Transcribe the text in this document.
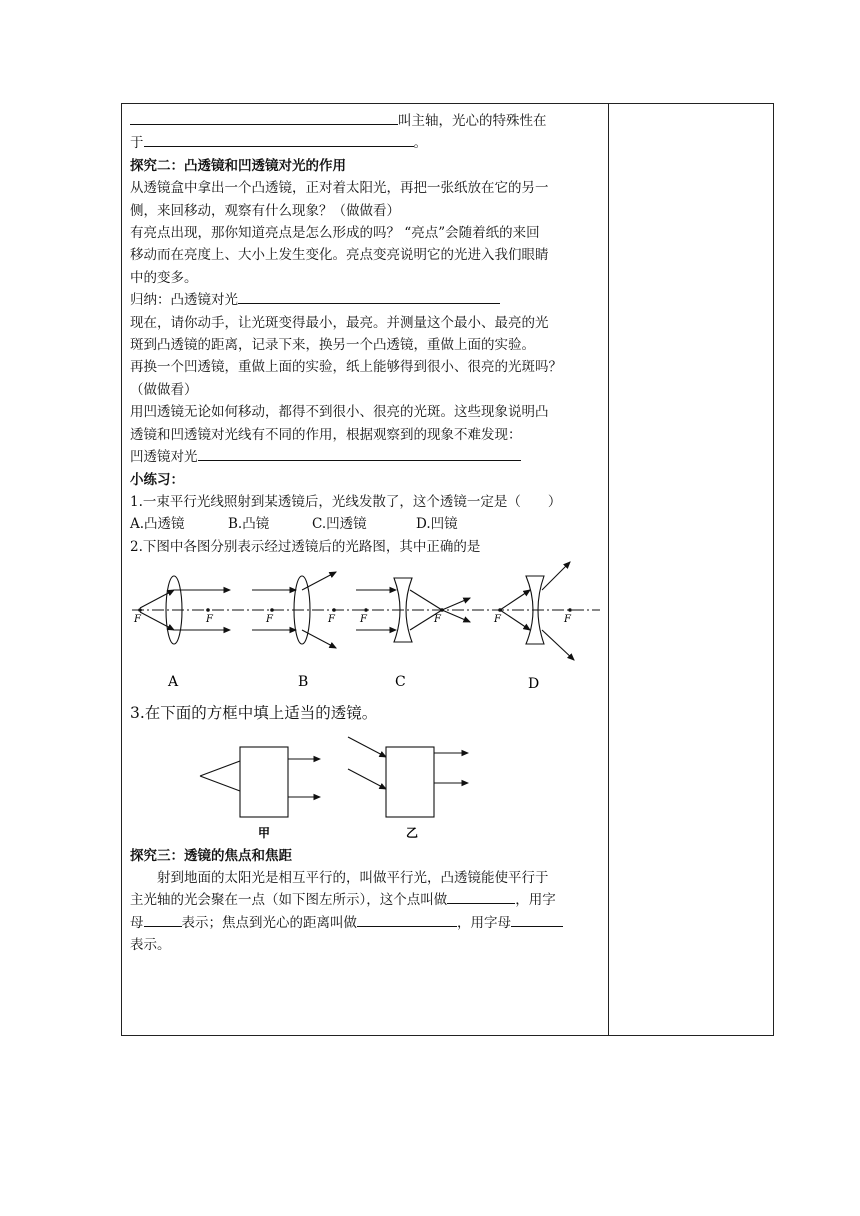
叫主轴，光心的特殊性在
于	。
探究二：凸透镜和凹透镜对光的作用
从透镜盒中拿出一个凸透镜，正对着太阳光，再把一张纸放在它的另一
侧，来回移动，观察有什么现象？（做做看）
有亮点出现，那你知道亮点是怎么形成的吗？ “亮点”会随着纸的来回
移动而在亮度上、大小上发生变化。亮点变亮说明它的光进入我们眼睛
中的变多。
归纳：凸透镜对光
现在，请你动手，让光斑变得最小，最亮。并测量这个最小、最亮的光
斑到凸透镜的距离，记录下来，换另一个凸透镜，重做上面的实验。
再换一个凹透镜，重做上面的实验，纸上能够得到很小、很亮的光斑吗？
（做做看）
用凹透镜无论如何移动，都得不到很小、很亮的光斑。这些现象说明凸
透镜和凹透镜对光线有不同的作用，根据观察到的现象不难发现：
凹透镜对光
小练习：
1.一束平行光线照射到某透镜后，光线发散了，这个透镜一定是（　　）
A.凸透镜	B.凸镜	C.凹透镜	D.凹镜
2.下图中各图分别表示经过透镜后的光路图，其中正确的是
F	F	F	F	F	F	F	F
A	B	C	D
3.在下面的方框中填上适当的透镜。
甲	乙
探究三：透镜的焦点和焦距
射到地面的太阳光是相互平行的，叫做平行光，凸透镜能使平行于
主光轴的光会聚在一点（如下图左所示），这个点叫做	，用字
母	表示；焦点到光心的距离叫做	，用字母
表示。
